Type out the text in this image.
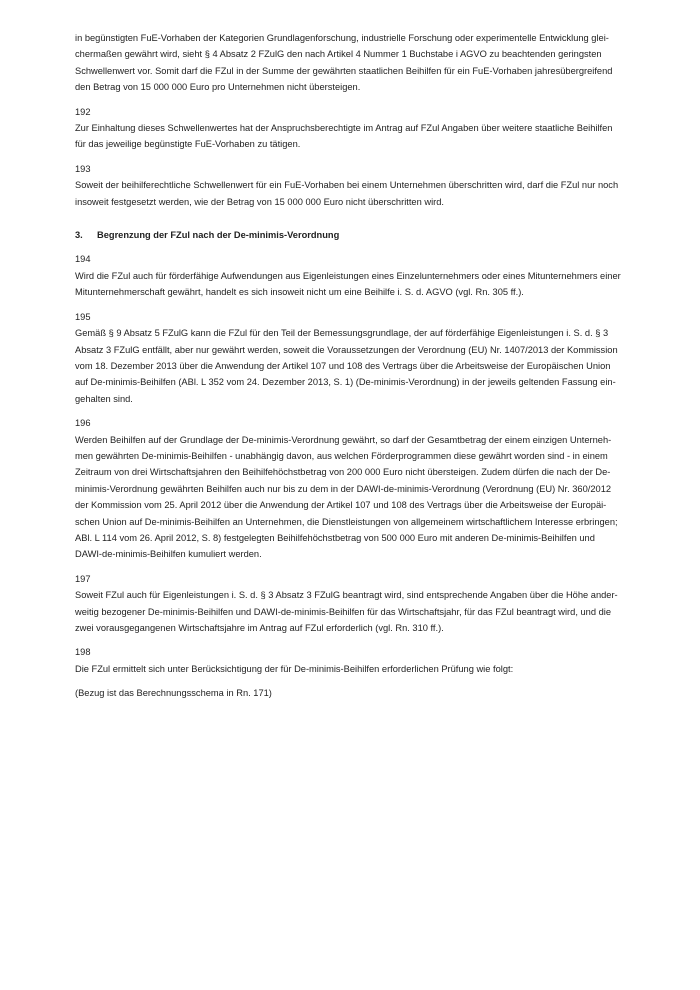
in begünstigten FuE-Vorhaben der Kategorien Grundlagenforschung, industrielle Forschung oder experimentelle Entwicklung glei-
chermaßen gewährt wird, sieht § 4 Absatz 2 FZulG den nach Artikel 4 Nummer 1 Buchstabe i AGVO zu beachtenden geringsten
Schwellenwert vor. Somit darf die FZul in der Summe der gewährten staatlichen Beihilfen für ein FuE-Vorhaben jahresübergreifend
den Betrag von 15 000 000 Euro pro Unternehmen nicht übersteigen.

192
Zur Einhaltung dieses Schwellenwertes hat der Anspruchsberechtigte im Antrag auf FZul Angaben über weitere staatliche Beihilfen
für das jeweilige begünstigte FuE-Vorhaben zu tätigen.
193
Soweit der beihilferechtliche Schwellenwert für ein FuE-Vorhaben bei einem Unternehmen überschritten wird, darf die FZul nur noch
insoweit festgesetzt werden, wie der Betrag von 15 000 000 Euro nicht überschritten wird.
3. Begrenzung der FZul nach der De-minimis-Verordnung
194
Wird die FZul auch für förderfähige Aufwendungen aus Eigenleistungen eines Einzelunternehmers oder eines Mitunternehmers einer
Mitunternehmerschaft gewährt, handelt es sich insoweit nicht um eine Beihilfe i. S. d. AGVO (vgl. Rn. 305 ff.).
195
Gemäß § 9 Absatz 5 FZulG kann die FZul für den Teil der Bemessungsgrundlage, der auf förderfähige Eigenleistungen i. S. d. § 3
Absatz 3 FZulG entfällt, aber nur gewährt werden, soweit die Voraussetzungen der Verordnung (EU) Nr. 1407/2013 der Kommission
vom 18. Dezember 2013 über die Anwendung der Artikel 107 und 108 des Vertrags über die Arbeitsweise der Europäischen Union
auf De-minimis-Beihilfen (ABl. L 352 vom 24. Dezember 2013, S. 1) (De-minimis-Verordnung) in der jeweils geltenden Fassung ein-
gehalten sind.
196
Werden Beihilfen auf der Grundlage der De-minimis-Verordnung gewährt, so darf der Gesamtbetrag der einem einzigen Unterneh-
men gewährten De-minimis-Beihilfen - unabhängig davon, aus welchen Förderprogrammen diese gewährt worden sind - in einem
Zeitraum von drei Wirtschaftsjahren den Beihilfehöchstbetrag von 200 000 Euro nicht übersteigen. Zudem dürfen die nach der De-
minimis-Verordnung gewährten Beihilfen auch nur bis zu dem in der DAWI-de-minimis-Verordnung (Verordnung (EU) Nr. 360/2012
der Kommission vom 25. April 2012 über die Anwendung der Artikel 107 und 108 des Vertrags über die Arbeitsweise der Europäi-
schen Union auf De-minimis-Beihilfen an Unternehmen, die Dienstleistungen von allgemeinem wirtschaftlichem Interesse erbringen;
ABl. L 114 vom 26. April 2012, S. 8) festgelegten Beihilfehöchstbetrag von 500 000 Euro mit anderen De-minimis-Beihilfen und
DAWI-de-minimis-Beihilfen kumuliert werden.
197
Soweit FZul auch für Eigenleistungen i. S. d. § 3 Absatz 3 FZulG beantragt wird, sind entsprechende Angaben über die Höhe ander-
weitig bezogener De-minimis-Beihilfen und DAWI-de-minimis-Beihilfen für das Wirtschaftsjahr, für das FZul beantragt wird, und die
zwei vorausgegangenen Wirtschaftsjahre im Antrag auf FZul erforderlich (vgl. Rn. 310 ff.).
198
Die FZul ermittelt sich unter Berücksichtigung der für De-minimis-Beihilfen erforderlichen Prüfung wie folgt:

(Bezug ist das Berechnungsschema in Rn. 171)
